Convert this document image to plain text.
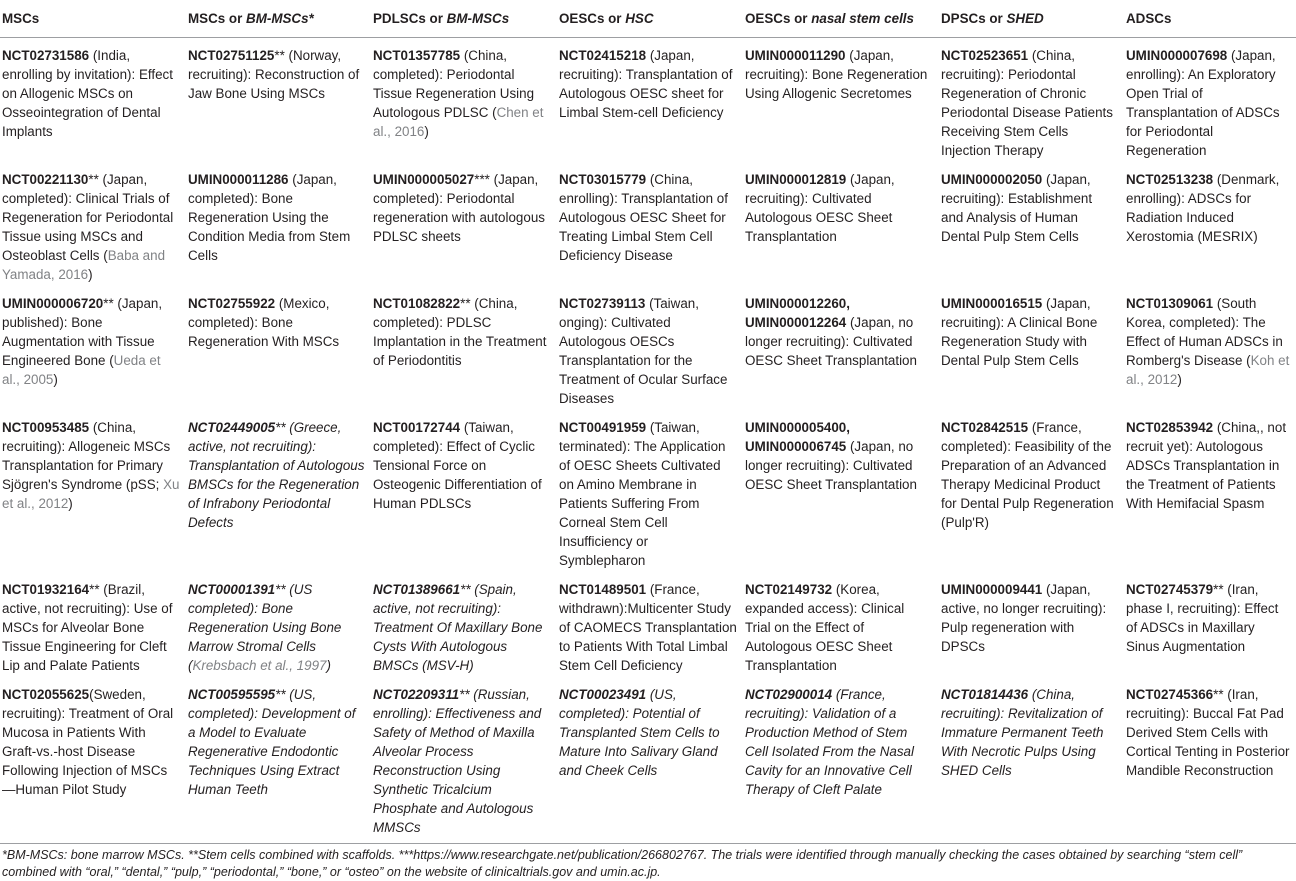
MSCs	MSCs or BM-MSCs*	PDLSCs or BM-MSCs	OESCs or HSC	OESCs or nasal stem cells	DPSCs or SHED	ADSCs
NCT02731586 (India, enrolling by invitation): Effect on Allogenic MSCs on Osseointegration of Dental Implants	NCT02751125** (Norway, recruiting): Reconstruction of Jaw Bone Using MSCs	NCT01357785 (China, completed): Periodontal Tissue Regeneration Using Autologous PDLSC (Chen et al., 2016)	NCT02415218 (Japan, recruiting): Transplantation of Autologous OESC sheet for Limbal Stem-cell Deficiency	UMIN000011290 (Japan, recruiting): Bone Regeneration Using Allogenic Secretomes	NCT02523651 (China, recruiting): Periodontal Regeneration of Chronic Periodontal Disease Patients Receiving Stem Cells Injection Therapy	UMIN000007698 (Japan, enrolling): An Exploratory Open Trial of Transplantation of ADSCs for Periodontal Regeneration
NCT00221130** (Japan, completed): Clinical Trials of Regeneration for Periodontal Tissue using MSCs and Osteoblast Cells (Baba and Yamada, 2016)	UMIN000011286 (Japan, completed): Bone Regeneration Using the Condition Media from Stem Cells	UMIN000005027*** (Japan, completed): Periodontal regeneration with autologous PDLSC sheets	NCT03015779 (China, enrolling): Transplantation of Autologous OESC Sheet for Treating Limbal Stem Cell Deficiency Disease	UMIN000012819 (Japan, recruiting): Cultivated Autologous OESC Sheet Transplantation	UMIN000002050 (Japan, recruiting): Establishment and Analysis of Human Dental Pulp Stem Cells	NCT02513238 (Denmark, enrolling): ADSCs for Radiation Induced Xerostomia (MESRIX)
UMIN000006720** (Japan, published): Bone Augmentation with Tissue Engineered Bone (Ueda et al., 2005)	NCT02755922 (Mexico, completed): Bone Regeneration With MSCs	NCT01082822** (China, completed): PDLSC Implantation in the Treatment of Periodontitis	NCT02739113 (Taiwan, onging): Cultivated Autologous OESCs Transplantation for the Treatment of Ocular Surface Diseases	UMIN000012260, UMIN000012264 (Japan, no longer recruiting): Cultivated OESC Sheet Transplantation	UMIN000016515 (Japan, recruiting): A Clinical Bone Regeneration Study with Dental Pulp Stem Cells	NCT01309061 (South Korea, completed): The Effect of Human ADSCs in Romberg's Disease (Koh et al., 2012)
NCT00953485 (China, recruiting): Allogeneic MSCs Transplantation for Primary Sjögren's Syndrome (pSS; Xu et al., 2012)	NCT02449005** (Greece, active, not recruiting): Transplantation of Autologous BMSCs for the Regeneration of Infrabony Periodontal Defects	NCT00172744 (Taiwan, completed): Effect of Cyclic Tensional Force on Osteogenic Differentiation of Human PDLSCs	NCT00491959 (Taiwan, terminated): The Application of OESC Sheets Cultivated on Amino Membrane in Patients Suffering From Corneal Stem Cell Insufficiency or Symblepharon	UMIN000005400, UMIN000006745 (Japan, no longer recruiting): Cultivated OESC Sheet Transplantation	NCT02842515 (France, completed): Feasibility of the Preparation of an Advanced Therapy Medicinal Product for Dental Pulp Regeneration (Pulp'R)	NCT02853942 (China,, not recruit yet): Autologous ADSCs Transplantation in the Treatment of Patients With Hemifacial Spasm
NCT01932164** (Brazil, active, not recruiting): Use of MSCs for Alveolar Bone Tissue Engineering for Cleft Lip and Palate Patients	NCT00001391** (US completed): Bone Regeneration Using Bone Marrow Stromal Cells (Krebsbach et al., 1997)	NCT01389661** (Spain, active, not recruiting): Treatment Of Maxillary Bone Cysts With Autologous BMSCs (MSV-H)	NCT01489501 (France, withdrawn):Multicenter Study of CAOMECS Transplantation to Patients With Total Limbal Stem Cell Deficiency	NCT02149732 (Korea, expanded access): Clinical Trial on the Effect of Autologous OESC Sheet Transplantation	UMIN000009441 (Japan, active, no longer recruiting): Pulp regeneration with DPSCs	NCT02745379** (Iran, phase I, recruiting): Effect of ADSCs in Maxillary Sinus Augmentation
NCT02055625(Sweden, recruiting): Treatment of Oral Mucosa in Patients With Graft-vs.-host Disease Following Injection of MSCs—Human Pilot Study	NCT00595595** (US, completed): Development of a Model to Evaluate Regenerative Endodontic Techniques Using Extract Human Teeth	NCT02209311** (Russian, enrolling): Effectiveness and Safety of Method of Maxilla Alveolar Process Reconstruction Using Synthetic Tricalcium Phosphate and Autologous MMSCs	NCT00023491 (US, completed): Potential of Transplanted Stem Cells to Mature Into Salivary Gland and Cheek Cells	NCT02900014 (France, recruiting): Validation of a Production Method of Stem Cell Isolated From the Nasal Cavity for an Innovative Cell Therapy of Cleft Palate	NCT01814436 (China, recruiting): Revitalization of Immature Permanent Teeth With Necrotic Pulps Using SHED Cells	NCT02745366** (Iran, recruiting): Buccal Fat Pad Derived Stem Cells with Cortical Tenting in Posterior Mandible Reconstruction
*BM-MSCs: bone marrow MSCs. **Stem cells combined with scaffolds. ***https://www.researchgate.net/publication/266802767. The trials were identified through manually checking the cases obtained by searching “stem cell” combined with “oral,” “dental,” “pulp,” “periodontal,” “bone,” or “osteo” on the website of clinicaltrials.gov and umin.ac.jp.
